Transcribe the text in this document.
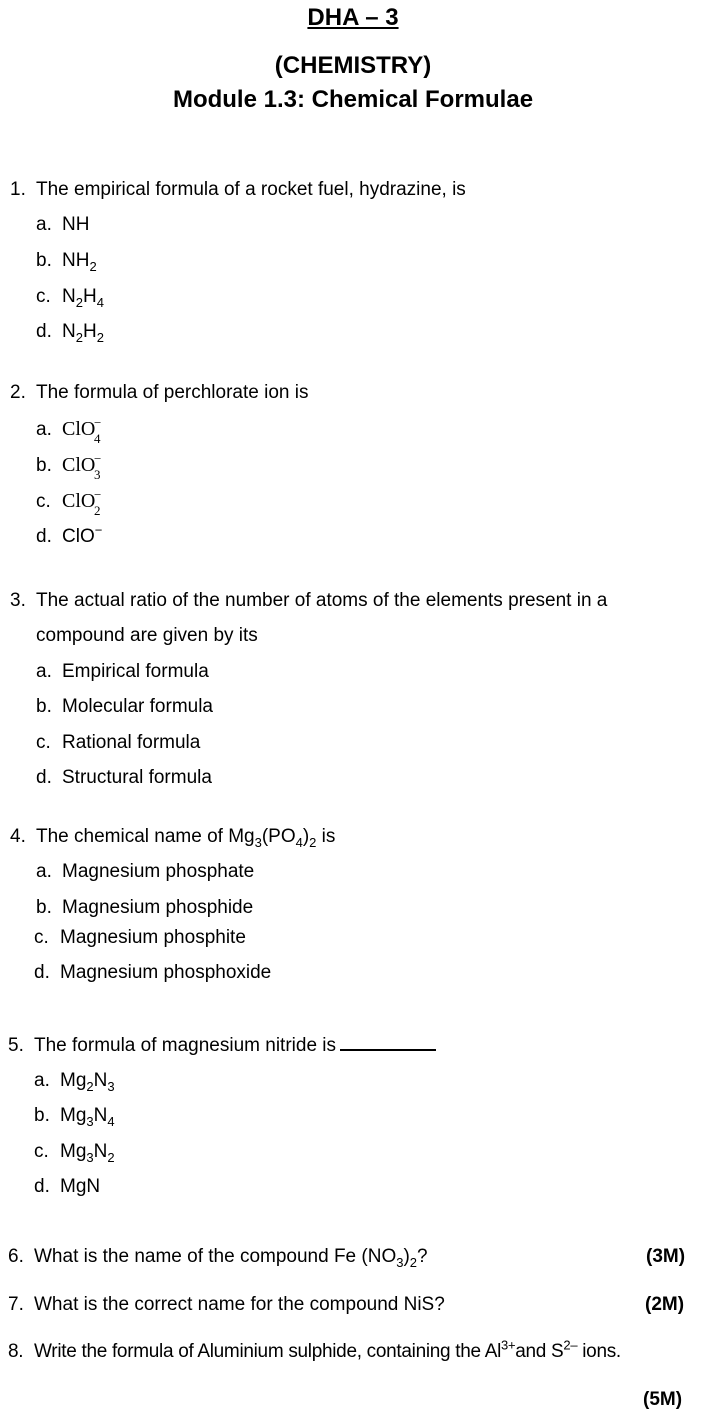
DHA – 3
(CHEMISTRY)
Module 1.3: Chemical Formulae
1. The empirical formula of a rocket fuel, hydrazine, is
a. NH
b. $NH_2$
c. $N_2H_4$
d. $N_2H_2$
2. The formula of perchlorate ion is
a. ClO
−
4
b. ClO
−
3
c. ClO
−
2
d. ClO−
3. The actual ratio of the number of atoms of the elements present in a
compound are given by its
a. Empirical formula
b. Molecular formula
c. Rational formula
d. Structural formula
4. The chemical name of $Mg_3(PO_4)_2$ is
a. Magnesium phosphate
b. Magnesium phosphide
c. Magnesium phosphite
d. Magnesium phosphoxide
5. The formula of magnesium nitride is
a. $Mg_2N_3$
b. $Mg_3N_4$
c. $Mg_3N_2$
d. MgN
6. What is the name of the compound Fe $(NO_3)_2$?	(3M)
7. What is the correct name for the compound NiS?	(2M)
8. Write the formula of Aluminium sulphide, containing the $Al^{3+}and$ $S^{2-}$ ions.
(5M)
